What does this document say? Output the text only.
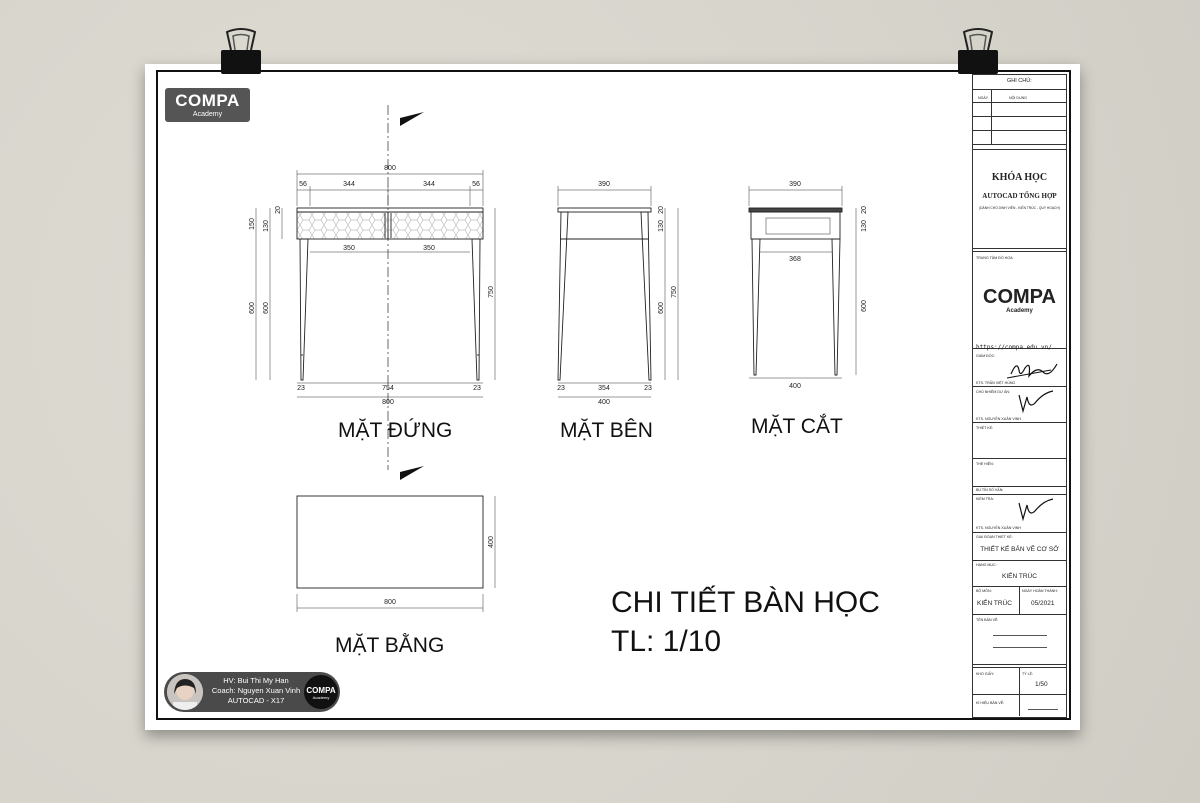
COMPA
Academy
800
56	344	344	56
350	350
754
800
23	23
150
600
130
600
20
750
390
354
400
23	23
20
130
600
750
390
368
400
20
130
600
800
400
MẶT ĐỨNG	MẶT BÊN	MẶT CẮT
MẶT BẰNG
CHI TIẾT BÀN HỌC
TL: 1/10
HV: Bui Thi My Han
Coach: Nguyen Xuan Vinh
AUTOCAD - X17
COMPA
Academy
GHI CHÚ:
NGÀY	NỘI DUNG
KHÓA HỌC
AUTOCAD TỔNG HỢP
(DÀNH CHO DINH VIÊN - KIẾN TRÚC - QUY HOẠCH)
TRUNG TÂM ĐỒ HỌA:
COMPA
Academy
https://compa.edu.vn/
GIÁM ĐỐC:
KTS. TRẦN VIỆT HÙNG
CHỦ NHIỆM DỰ ÁN:
KTS. NGUYỄN XUÂN VINH
THIẾT KẾ:
THỂ HIỆN:
BÚ TÍN SỐ VẤN:
KIỂM TRA:
KTS. NGUYỄN XUÂN VINH
GIAI ĐOẠN THIẾT KẾ:
THIẾT KẾ BẢN VẼ CƠ SỞ
HẠNG MỤC:
KIẾN TRÚC
BỘ MÔN:
KIẾN TRÚC
NGÀY HOÀN THÀNH:
05/2021
TÊN BẢN VẼ:
KHỔ GIẤY:	TỶ LỆ:
1/50
KÍ HIỆU BẢN VẼ:
